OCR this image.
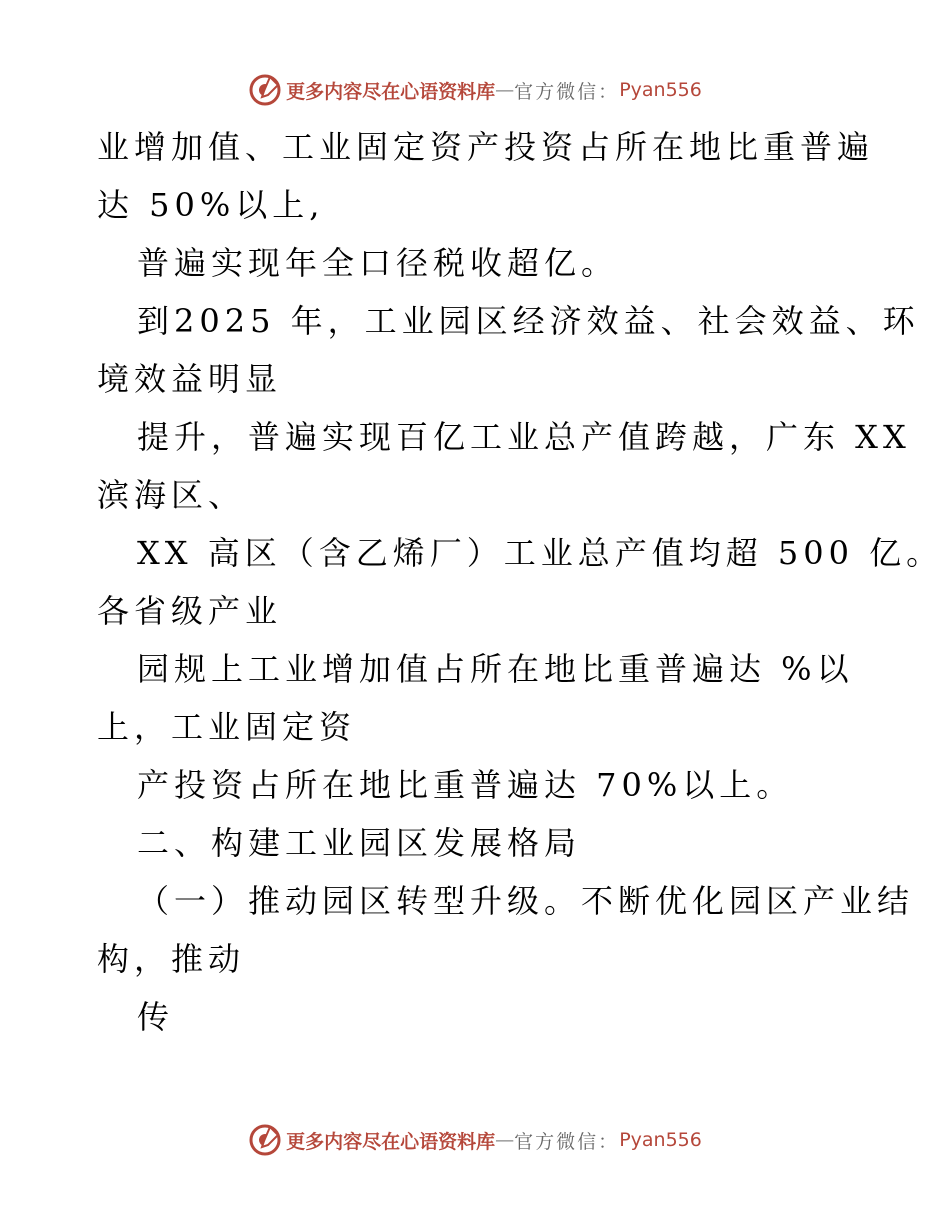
更多内容尽在心语资料库 — 官方微信： Pyan556
业增加值、工业固定资产投资占所在地比重普遍
达 50%以上,
普遍实现年全口径税收超亿。
到2025 年，工业园区经济效益、社会效益、环
境效益明显
提升，普遍实现百亿工业总产值跨越，广东 XX
滨海区、
XX 高区（含乙烯厂）工业总产值均超 500 亿。
各省级产业
园规上工业增加值占所在地比重普遍达 %以
上，工业固定资
产投资占所在地比重普遍达 70%以上。
二、构建工业园区发展格局
（一）推动园区转型升级。不断优化园区产业结
构，推动
传
更多内容尽在心语资料库 — 官方微信： Pyan556
